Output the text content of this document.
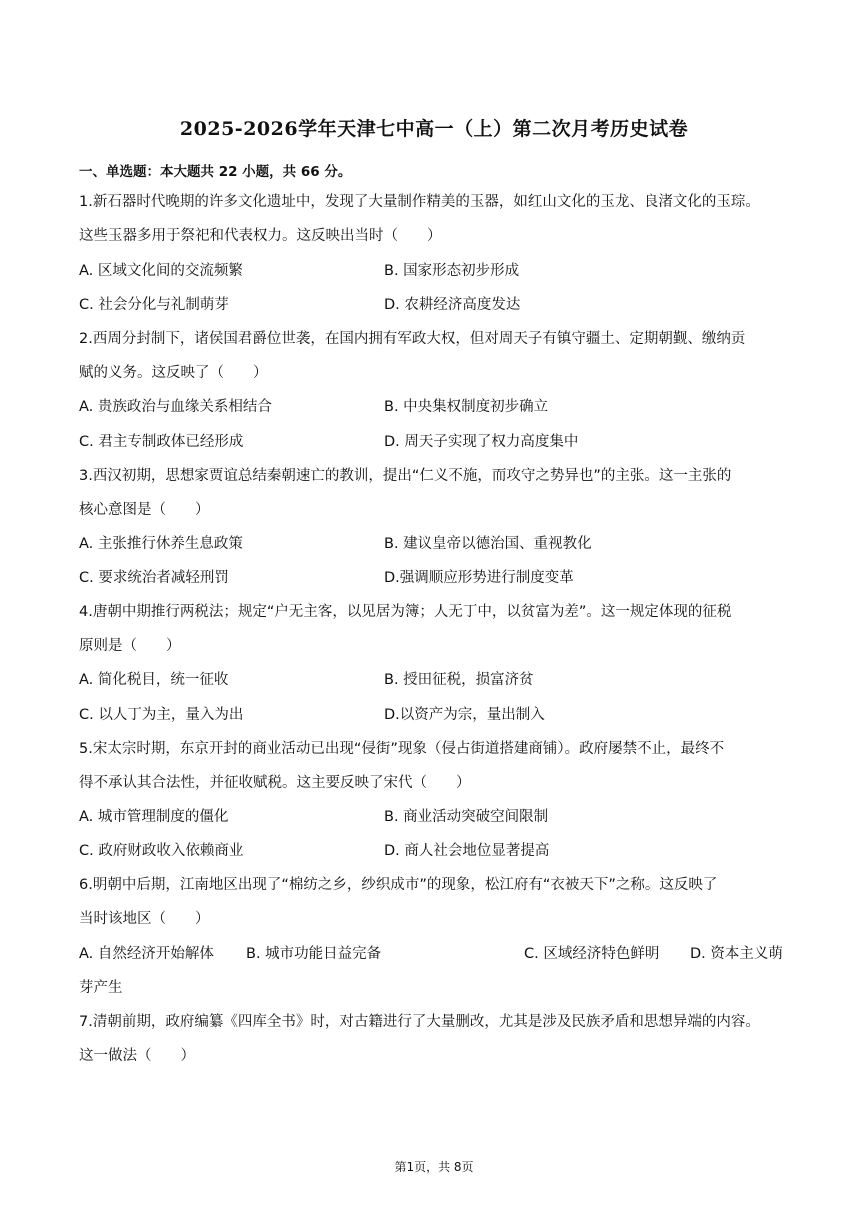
2025-2026学年天津七中高一（上）第二次月考历史试卷
一、单选题：本大题共 22 小题，共 66 分。
1.新石器时代晚期的许多文化遗址中，发现了大量制作精美的玉器，如红山文化的玉龙、良渚文化的玉琮。
这些玉器多用于祭祀和代表权力。这反映出当时（　　）
A. 区域文化间的交流频繁	B. 国家形态初步形成
C. 社会分化与礼制萌芽	D. 农耕经济高度发达
2.西周分封制下，诸侯国君爵位世袭，在国内拥有军政大权，但对周天子有镇守疆土、定期朝觐、缴纳贡
赋的义务。这反映了（　　）
A. 贵族政治与血缘关系相结合	B. 中央集权制度初步确立
C. 君主专制政体已经形成	D. 周天子实现了权力高度集中
3.西汉初期，思想家贾谊总结秦朝速亡的教训，提出“仁义不施，而攻守之势异也”的主张。这一主张的
核心意图是（　　）
A. 主张推行休养生息政策	B. 建议皇帝以德治国、重视教化
C. 要求统治者减轻刑罚	D.强调顺应形势进行制度变革
4.唐朝中期推行两税法；规定“户无主客，以见居为簿；人无丁中，以贫富为差”。这一规定体现的征税
原则是（　　）
A. 简化税目，统一征收	B. 授田征税，损富济贫
C. 以人丁为主，量入为出	D.以资产为宗，量出制入
5.宋太宗时期，东京开封的商业活动已出现“侵街”现象（侵占街道搭建商铺）。政府屡禁不止，最终不
得不承认其合法性，并征收赋税。这主要反映了宋代（　　）
A. 城市管理制度的僵化	B. 商业活动突破空间限制
C. 政府财政收入依赖商业	D. 商人社会地位显著提高
6.明朝中后期，江南地区出现了“棉纺之乡，纱织成市”的现象，松江府有“衣被天下”之称。这反映了
当时该地区（　　）
A. 自然经济开始解体 B. 城市功能日益完备	C. 区域经济特色鲜明 D. 资本主义萌
芽产生
7.清朝前期，政府编纂《四库全书》时，对古籍进行了大量删改，尤其是涉及民族矛盾和思想异端的内容。
这一做法（　　）
第1页，共 8页
